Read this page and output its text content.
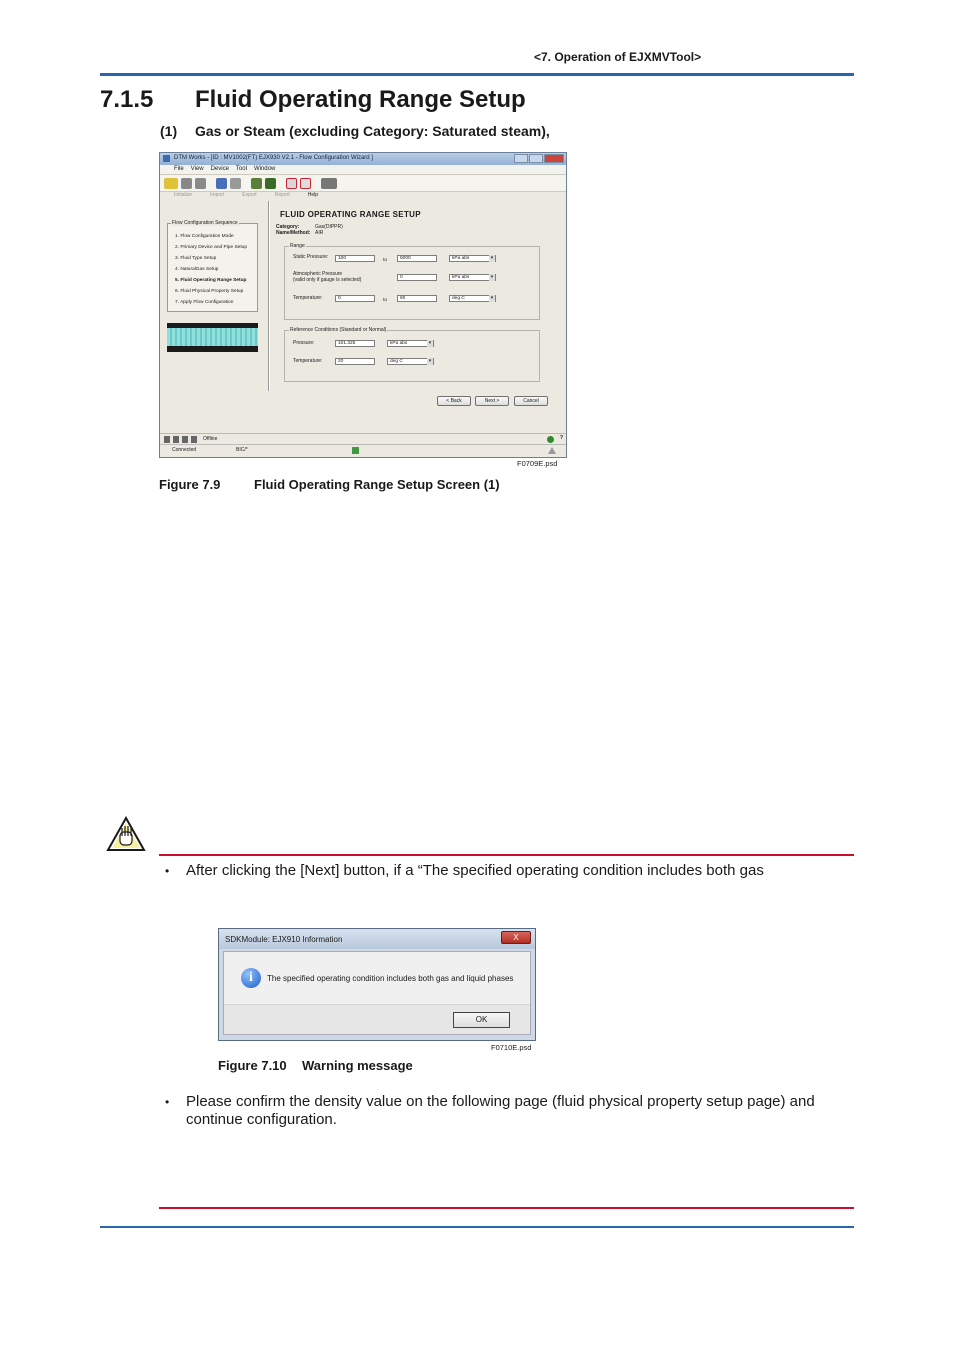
<7. Operation of EJXMVTool>
7.1.5 Fluid Operating Range Setup
(1) Gas or Steam (excluding Category: Saturated steam),
DTM Works - [ID : MV1002(FT) EJX930 V2.1 - Flow Configuration Wizard ]
File View Device Tool Window
Initialize	Import	Export	Report	Help
Flow Configuration Sequence
1. Flow Configuration Mode
2. Primary Device and Pipe Setup
3. Fluid Type Setup
4. NaturalGas Setup
5. Fluid Operating Range Setup
6. Fluid Physical Property Setup
7. Apply Flow Configuration
FLUID OPERATING RANGE SETUP
Category:	Gas(DIPPR)
Name/Method: AIR
Range
Static Pressure:	100	to	5000	kPa abs ▾
Atmospheric Pressure
(valid only if gauge is selected)	0	kPa abs ▾
Temperature:	0	to	60	deg C ▾
Reference Conditions (Standard or Normal)
Pressure:	101.325	kPa abs ▾
Temperature:	20	deg C ▾
< Back	Next >	Cancel
Offline	?
Connected	BIC/*
F0709E.psd
Figure 7.9	Fluid Operating Range Setup Screen (1)
• After clicking the [Next] button, if a “The specified operating condition includes both gas
SDKModule: EJX910 Information	X
i	The specified operating condition includes both gas and liquid phases
OK
F0710E.psd
Figure 7.10 Warning message
• Please confirm the density value on the following page (fluid physical property setup page) and continue configuration.
